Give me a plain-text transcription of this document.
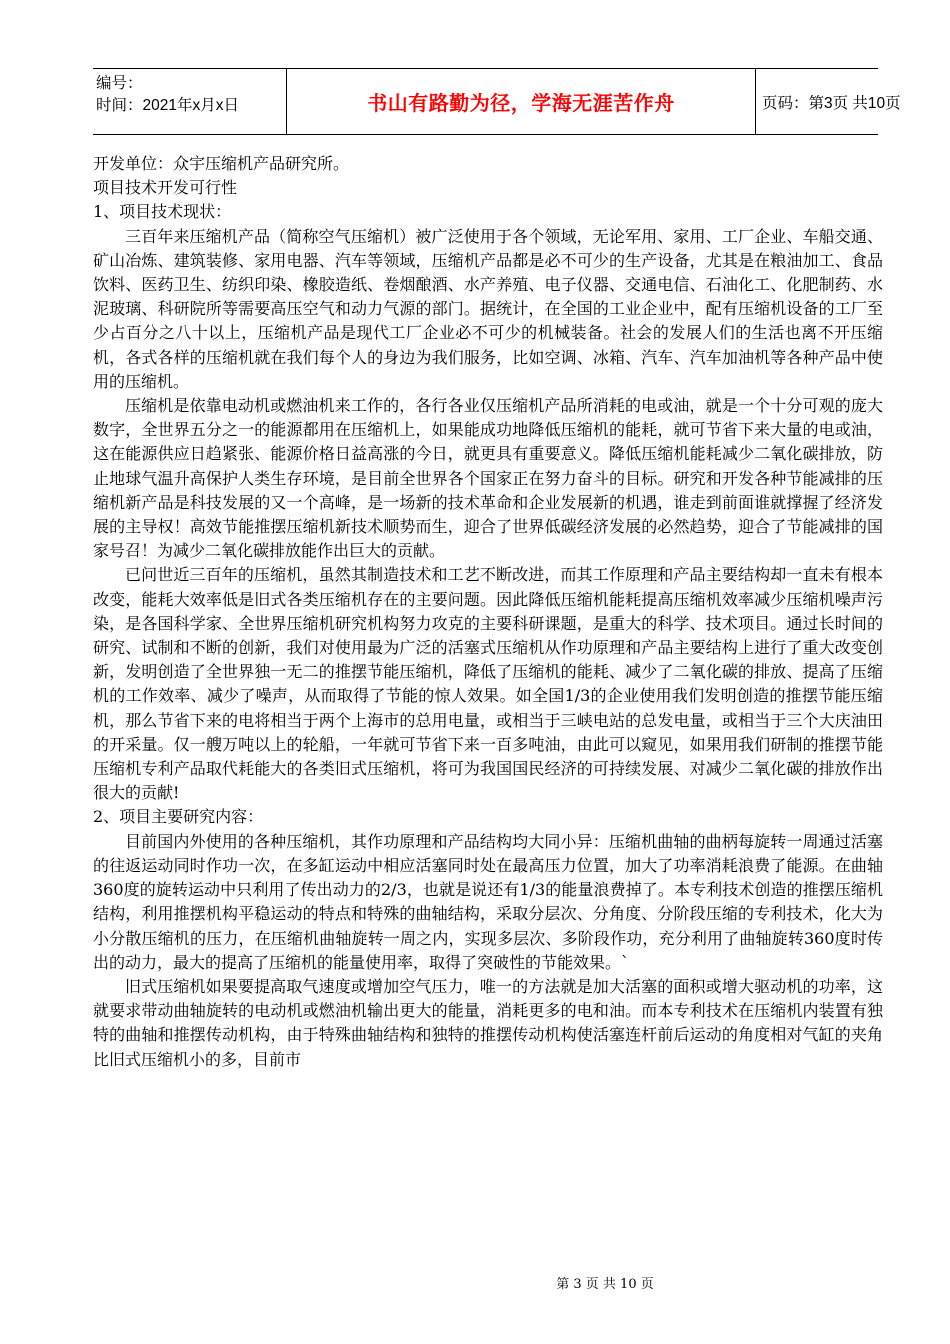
编号：
时间：2021年x月x日	书山有路勤为径，学海无涯苦作舟	页码：第3页 共10页

开发单位：众宇压缩机产品研究所。

项目技术开发可行性

1、项目技术现状：

三百年来压缩机产品（简称空气压缩机）被广泛使用于各个领域，无论军用、家用、工厂企业、车船交通、矿山冶炼、建筑装修、家用电器、汽车等领域，压缩机产品都是必不可少的生产设备，尤其是在粮油加工、食品饮料、医药卫生、纺织印染、橡胶造纸、卷烟酿酒、水产养殖、电子仪器、交通电信、石油化工、化肥制药、水泥玻璃、科研院所等需要高压空气和动力气源的部门。据统计，在全国的工业企业中，配有压缩机设备的工厂至少占百分之八十以上，压缩机产品是现代工厂企业必不可少的机械装备。社会的发展人们的生活也离不开压缩机，各式各样的压缩机就在我们每个人的身边为我们服务，比如空调、冰箱、汽车、汽车加油机等各种产品中使用的压缩机。

压缩机是依靠电动机或燃油机来工作的，各行各业仅压缩机产品所消耗的电或油，就是一个十分可观的庞大数字，全世界五分之一的能源都用在压缩机上，如果能成功地降低压缩机的能耗，就可节省下来大量的电或油，这在能源供应日趋紧张、能源价格日益高涨的今日，就更具有重要意义。降低压缩机能耗减少二氧化碳排放，防止地球气温升高保护人类生存环境，是目前全世界各个国家正在努力奋斗的目标。研究和开发各种节能减排的压缩机新产品是科技发展的又一个高峰，是一场新的技术革命和企业发展新的机遇，谁走到前面谁就撑握了经济发展的主导权！高效节能推摆压缩机新技术顺势而生，迎合了世界低碳经济发展的必然趋势，迎合了节能减排的国家号召！为减少二氧化碳排放能作出巨大的贡献。

已问世近三百年的压缩机，虽然其制造技术和工艺不断改进，而其工作原理和产品主要结构却一直未有根本改变，能耗大效率低是旧式各类压缩机存在的主要问题。因此降低压缩机能耗提高压缩机效率减少压缩机噪声污染，是各国科学家、全世界压缩机研究机构努力攻克的主要科研课题，是重大的科学、技术项目。通过长时间的研究、试制和不断的创新，我们对使用最为广泛的活塞式压缩机从作功原理和产品主要结构上进行了重大改变创新，发明创造了全世界独一无二的推摆节能压缩机，降低了压缩机的能耗、减少了二氧化碳的排放、提高了压缩机的工作效率、减少了噪声，从而取得了节能的惊人效果。如全国1/3的企业使用我们发明创造的推摆节能压缩机，那么节省下来的电将相当于两个上海市的总用电量，或相当于三峡电站的总发电量，或相当于三个大庆油田的开采量。仅一艘万吨以上的轮船，一年就可节省下来一百多吨油，由此可以窥见，如果用我们研制的推摆节能压缩机专利产品取代耗能大的各类旧式压缩机，将可为我国国民经济的可持续发展、对减少二氧化碳的排放作出很大的贡献!

2、项目主要研究内容：

目前国内外使用的各种压缩机，其作功原理和产品结构均大同小异：压缩机曲轴的曲柄每旋转一周通过活塞的往返运动同时作功一次，在多缸运动中相应活塞同时处在最高压力位置，加大了功率消耗浪费了能源。在曲轴360度的旋转运动中只利用了传出动力的2/3，也就是说还有1/3的能量浪费掉了。本专利技术创造的推摆压缩机结构，利用推摆机构平稳运动的特点和特殊的曲轴结构，采取分层次、分角度、分阶段压缩的专利技术，化大为小分散压缩机的压力，在压缩机曲轴旋转一周之内，实现多层次、多阶段作功，充分利用了曲轴旋转360度时传出的动力，最大的提高了压缩机的能量使用率，取得了突破性的节能效果。`

旧式压缩机如果要提高取气速度或增加空气压力，唯一的方法就是加大活塞的面积或增大驱动机的功率，这就要求带动曲轴旋转的电动机或燃油机输出更大的能量，消耗更多的电和油。而本专利技术在压缩机内装置有独特的曲轴和推摆传动机构，由于特殊曲轴结构和独特的推摆传动机构使活塞连杆前后运动的角度相对气缸的夹角比旧式压缩机小的多，目前市

第 3 页 共 10 页
